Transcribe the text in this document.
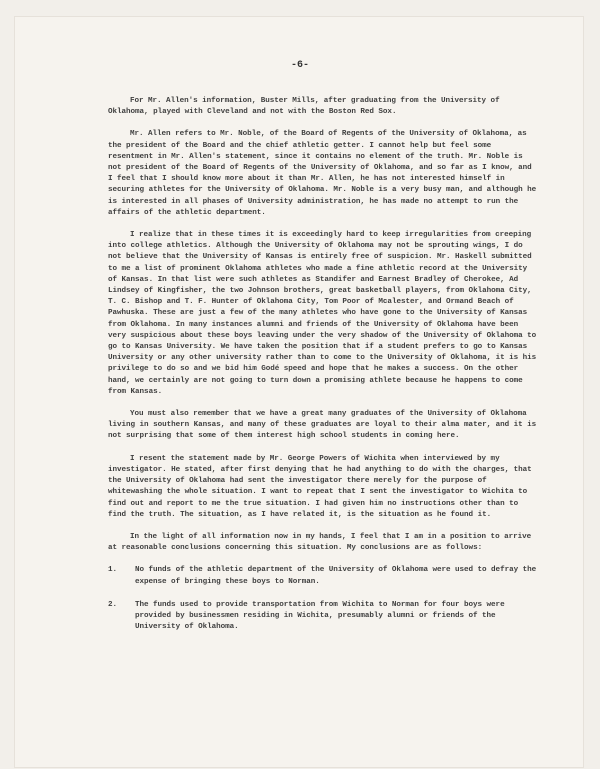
-6-

For Mr. Allen's information, Buster Mills, after graduating from the University of Oklahoma, played with Cleveland and not with the Boston Red Sox.

Mr. Allen refers to Mr. Noble, of the Board of Regents of the University of Oklahoma, as the president of the Board and the chief athletic getter. I cannot help but feel some resentment in Mr. Allen's statement, since it contains no element of the truth. Mr. Noble is not president of the Board of Regents of the University of Oklahoma, and so far as I know, and I feel that I should know more about it than Mr. Allen, he has not interested himself in securing athletes for the University of Oklahoma. Mr. Noble is a very busy man, and although he is interested in all phases of University administration, he has made no attempt to run the affairs of the athletic department.

I realize that in these times it is exceedingly hard to keep irregularities from creeping into college athletics. Although the University of Oklahoma may not be sprouting wings, I do not believe that the University of Kansas is entirely free of suspicion. Mr. Haskell submitted to me a list of prominent Oklahoma athletes who made a fine athletic record at the University of Kansas. In that list were such athletes as Standifer and Earnest Bradley of Cherokee, Ad Lindsey of Kingfisher, the two Johnson brothers, great basketball players, from Oklahoma City, T. C. Bishop and T. F. Hunter of Oklahoma City, Tom Poor of Mcalester, and Ormand Beach of Pawhuska. These are just a few of the many athletes who have gone to the University of Kansas from Oklahoma. In many instances alumni and friends of the University of Oklahoma have been very suspicious about these boys leaving under the very shadow of the University of Oklahoma to go to Kansas University. We have taken the position that if a student prefers to go to Kansas University or any other university rather than to come to the University of Oklahoma, it is his privilege to do so and we bid him Godé speed and hope that he makes a success. On the other hand, we certainly are not going to turn down a promising athlete because he happens to come from Kansas.

You must also remember that we have a great many graduates of the University of Oklahoma living in southern Kansas, and many of these graduates are loyal to their alma mater, and it is not surprising that some of them interest high school students in coming here.

I resent the statement made by Mr. George Powers of Wichita when interviewed by my investigator. He stated, after first denying that he had anything to do with the charges, that the University of Oklahoma had sent the investigator there merely for the purpose of whitewashing the whole situation. I want to repeat that I sent the investigator to Wichita to find out and report to me the true situation. I had given him no instructions other than to find the truth. The situation, as I have related it, is the situation as he found it.

In the light of all information now in my hands, I feel that I am in a position to arrive at reasonable conclusions concerning this situation. My conclusions are as follows:

1. No funds of the athletic department of the University of Oklahoma were used to defray the expense of bringing these boys to Norman.
2. The funds used to provide transportation from Wichita to Norman for four boys were provided by businessmen residing in Wichita, presumably alumni or friends of the University of Oklahoma.
